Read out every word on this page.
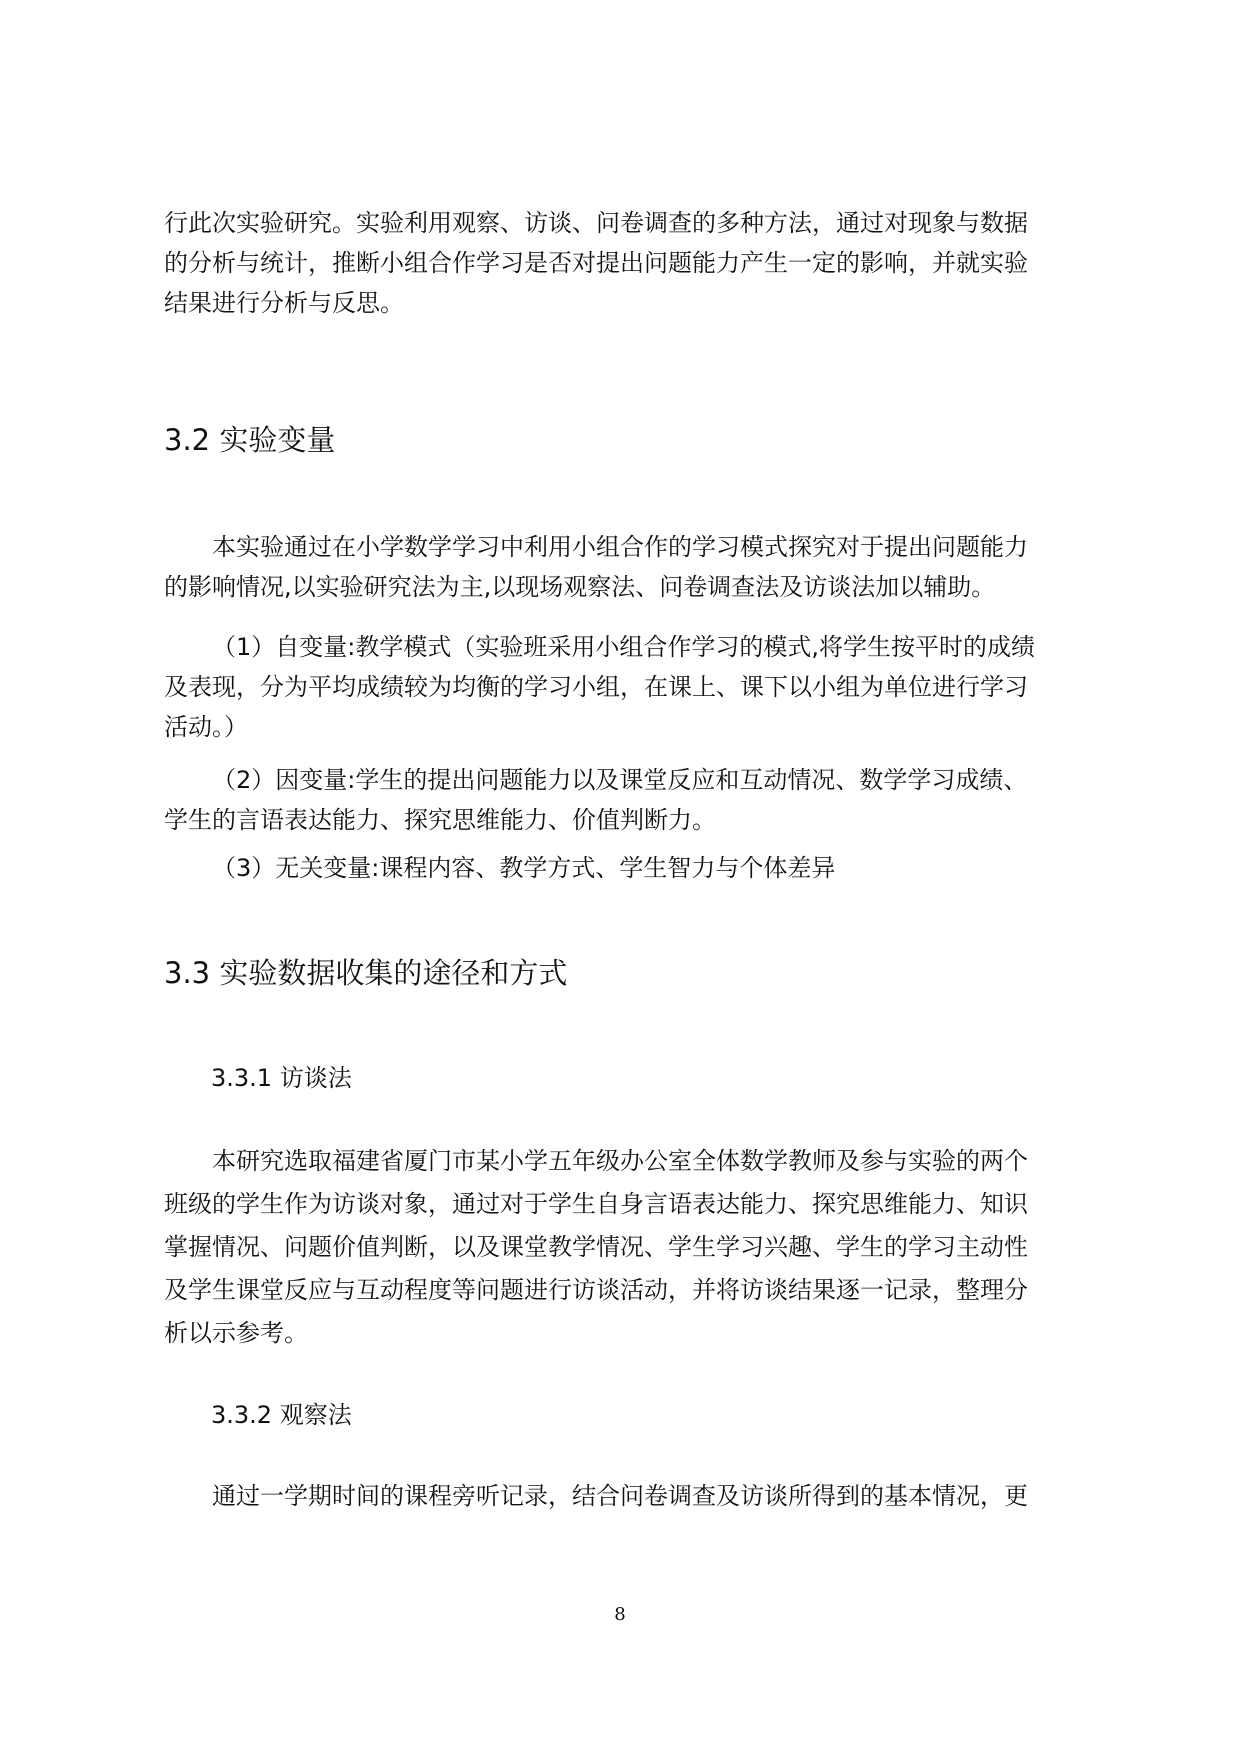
行此次实验研究。实验利用观察、访谈、问卷调查的多种方法，通过对现象与数据
的分析与统计，推断小组合作学习是否对提出问题能力产生一定的影响，并就实验
结果进行分析与反思。

3.2 实验变量

本实验通过在小学数学学习中利用小组合作的学习模式探究对于提出问题能力
的影响情况,以实验研究法为主,以现场观察法、问卷调查法及访谈法加以辅助。

（1）自变量:教学模式（实验班采用小组合作学习的模式,将学生按平时的成绩
及表现，分为平均成绩较为均衡的学习小组，在课上、课下以小组为单位进行学习
活动。）

（2）因变量:学生的提出问题能力以及课堂反应和互动情况、数学学习成绩、
学生的言语表达能力、探究思维能力、价值判断力。

（3）无关变量:课程内容、教学方式、学生智力与个体差异

3.3 实验数据收集的途径和方式
3.3.1 访谈法

本研究选取福建省厦门市某小学五年级办公室全体数学教师及参与实验的两个
班级的学生作为访谈对象，通过对于学生自身言语表达能力、探究思维能力、知识
掌握情况、问题价值判断，以及课堂教学情况、学生学习兴趣、学生的学习主动性
及学生课堂反应与互动程度等问题进行访谈活动，并将访谈结果逐一记录，整理分
析以示参考。

3.3.2 观察法

通过一学期时间的课程旁听记录，结合问卷调查及访谈所得到的基本情况，更

8
